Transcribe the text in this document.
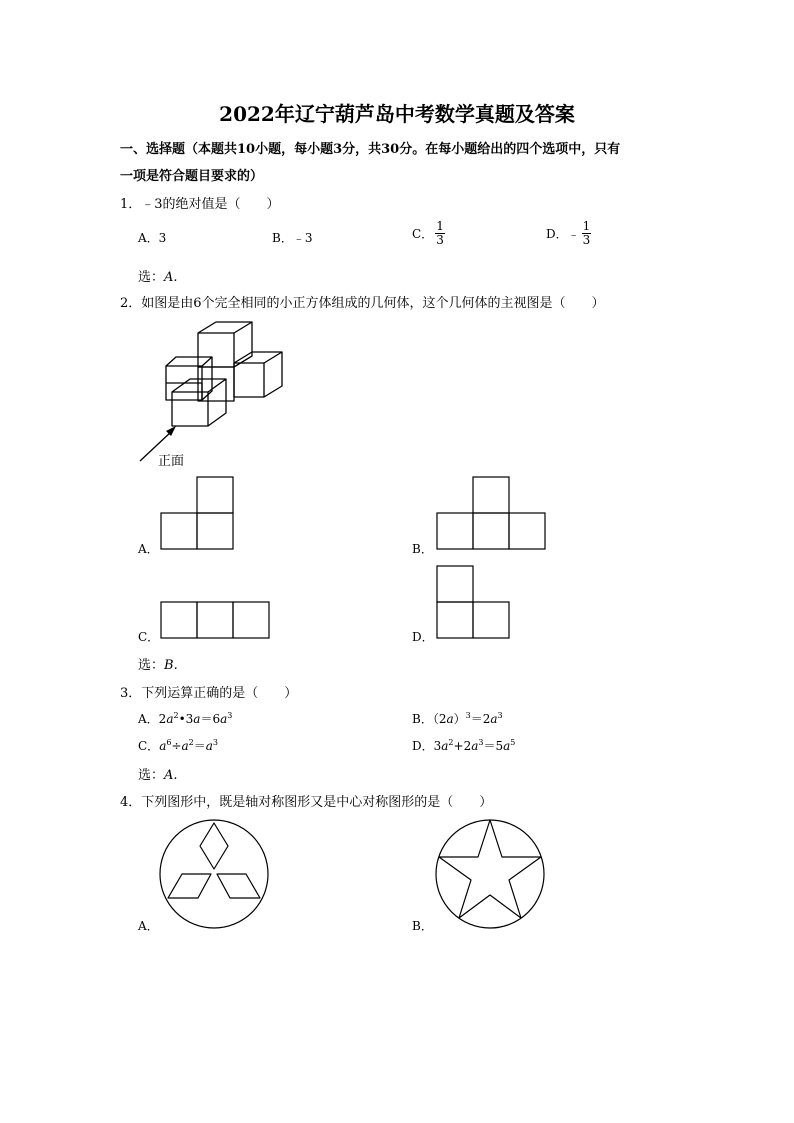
2022年辽宁葫芦岛中考数学真题及答案
一、选择题（本题共10小题，每小题3分，共30分。在每小题给出的四个选项中，只有
一项是符合题目要求的）
1．﹣3的绝对值是（　　）
A．3	B．﹣3	C． $\frac{1}{3}$	D．﹣ $\frac{1}{3}$
选：A.
2．如图是由6个完全相同的小正方体组成的几何体，这个几何体的主视图是（　　）
正面
A．	B．
C．	D．
选：B.
3．下列运算正确的是（　　）
A．$2a^2•3a=6a^3$	B．$(2a)^3=2a^3$
C．$a^6\div a^2=a^3$	D．$3a^2+2a^3=5a^5$
选：A.
4．下列图形中，既是轴对称图形又是中心对称图形的是（　　）
A．	B．
